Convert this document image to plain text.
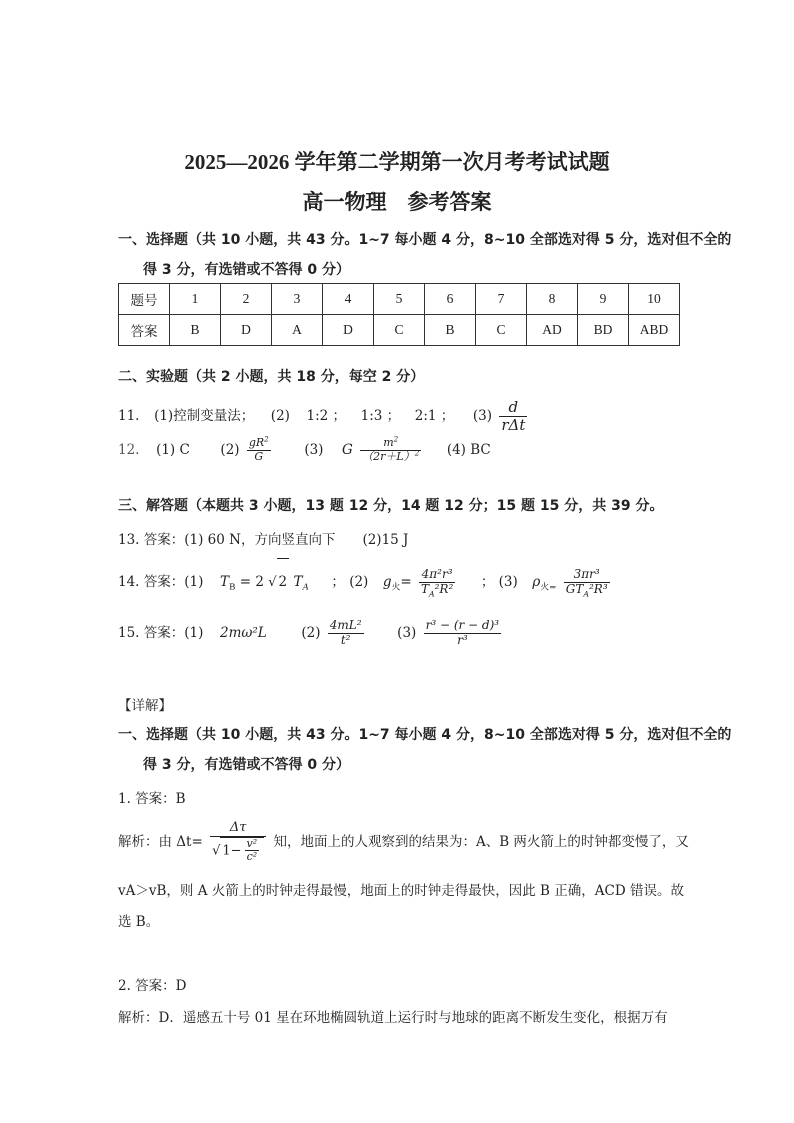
2025—2026 学年第二学期第一次月考考试试题
高一物理　参考答案
一、选择题（共 10 小题，共 43 分。1~7 每小题 4 分，8~10 全部选对得 5 分，选对但不全的
得 3 分，有选错或不答得 0 分）
题号	1	2	3	4	5	6	7	8	9	10
答案	B	D	A	D	C	B	C	AD	BD	ABD
二、实验题（共 2 小题，共 18 分，每空 2 分）
11. (1)控制变量法； (2) 1:2 ； 1:3 ； 2:1 ； $(3) \frac{d}{\text{rΔt}}$
12. (1) C $(2) \frac{gR^2}{G} (3)$ G $\frac{m^2}{(2r+L)^2} (4)$ BC
三、解答题（本题共 3 小题，13 题 12 分，14 题 12 分；15 题 15 分，共 39 分。
13. 答案：(1) 60 N，方向竖直向下　　(2)15 J
14. 答案：(1) $T_B = 2$ √ 2 $T_A$ ； (2) $g_火= \frac{\text{4π²r³}}{T_A^2R^2}$ ； (3) $\rho_{火=} \frac{\text{3πr³}}{GT_A^2R^3}$
15. 答案：(1) 2mω²L	$(2) \frac{\text{4mL²}}{\text{t²}} (3) \frac{\text{r³ − (r − d)³}}{\text{r³}}$
【详解】
一、选择题（共 10 小题，共 43 分。1~7 每小题 4 分，8~10 全部选对得 5 分，选对但不全的
得 3 分，有选错或不答得 0 分）
1. 答案：B
解析：由 $\Delta t= \frac{\Delta\tau}{√ 1- \frac{\text{v²}}{\text{c²}}}$ 知，地面上的人观察到的结果为：A、B 两火箭上的时钟都变慢了，又
vA＞vB，则 A 火箭上的时钟走得最慢，地面上的时钟走得最快，因此 B 正确，ACD 错误。故
选 B。
2. 答案：D
解析：D．遥感五十号 01 星在环地椭圆轨道上运行时与地球的距离不断发生变化，根据万有
